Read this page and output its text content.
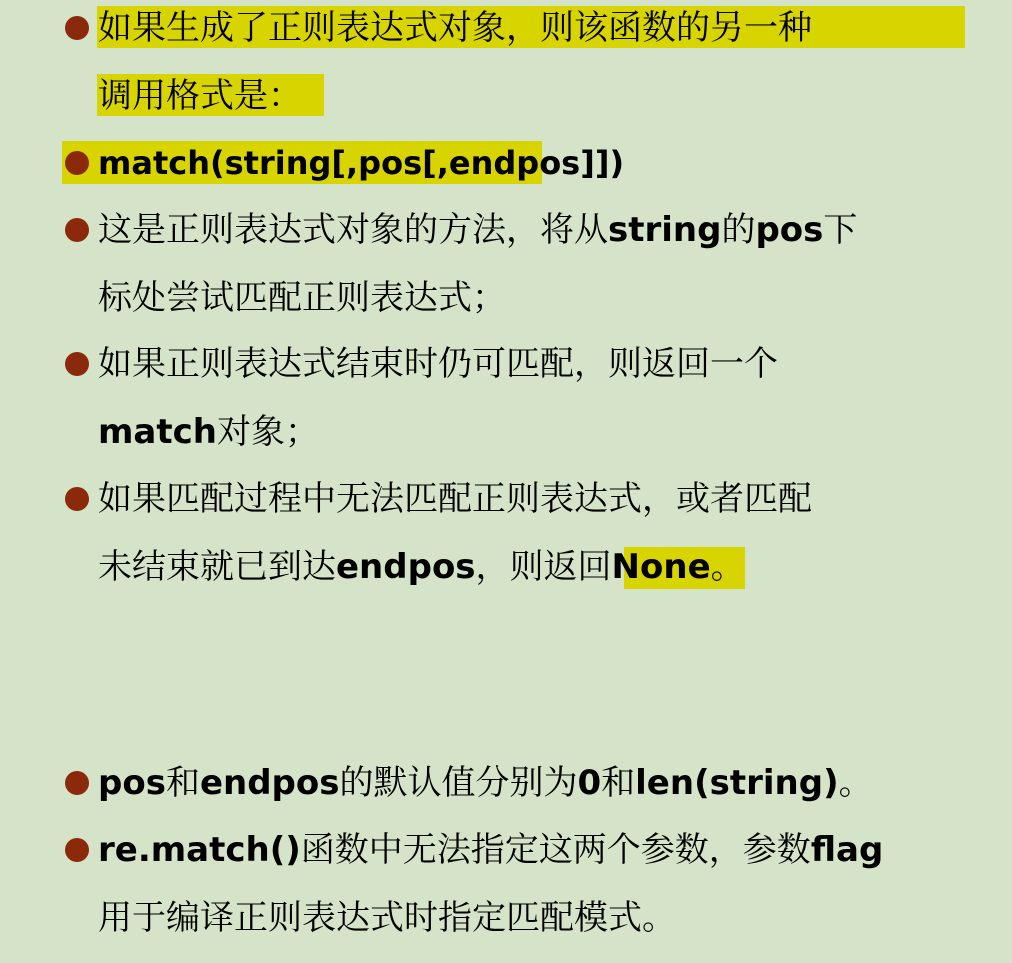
如果生成了正则表达式对象，则该函数的另一种
调用格式是：
match(string[,pos[,endpos]])
这是正则表达式对象的方法，将从string的pos下
标处尝试匹配正则表达式；
如果正则表达式结束时仍可匹配，则返回一个
match对象；
如果匹配过程中无法匹配正则表达式，或者匹配
未结束就已到达endpos，则返回None。
pos和endpos的默认值分别为0和len(string)。
re.match()函数中无法指定这两个参数，参数flag
用于编译正则表达式时指定匹配模式。
